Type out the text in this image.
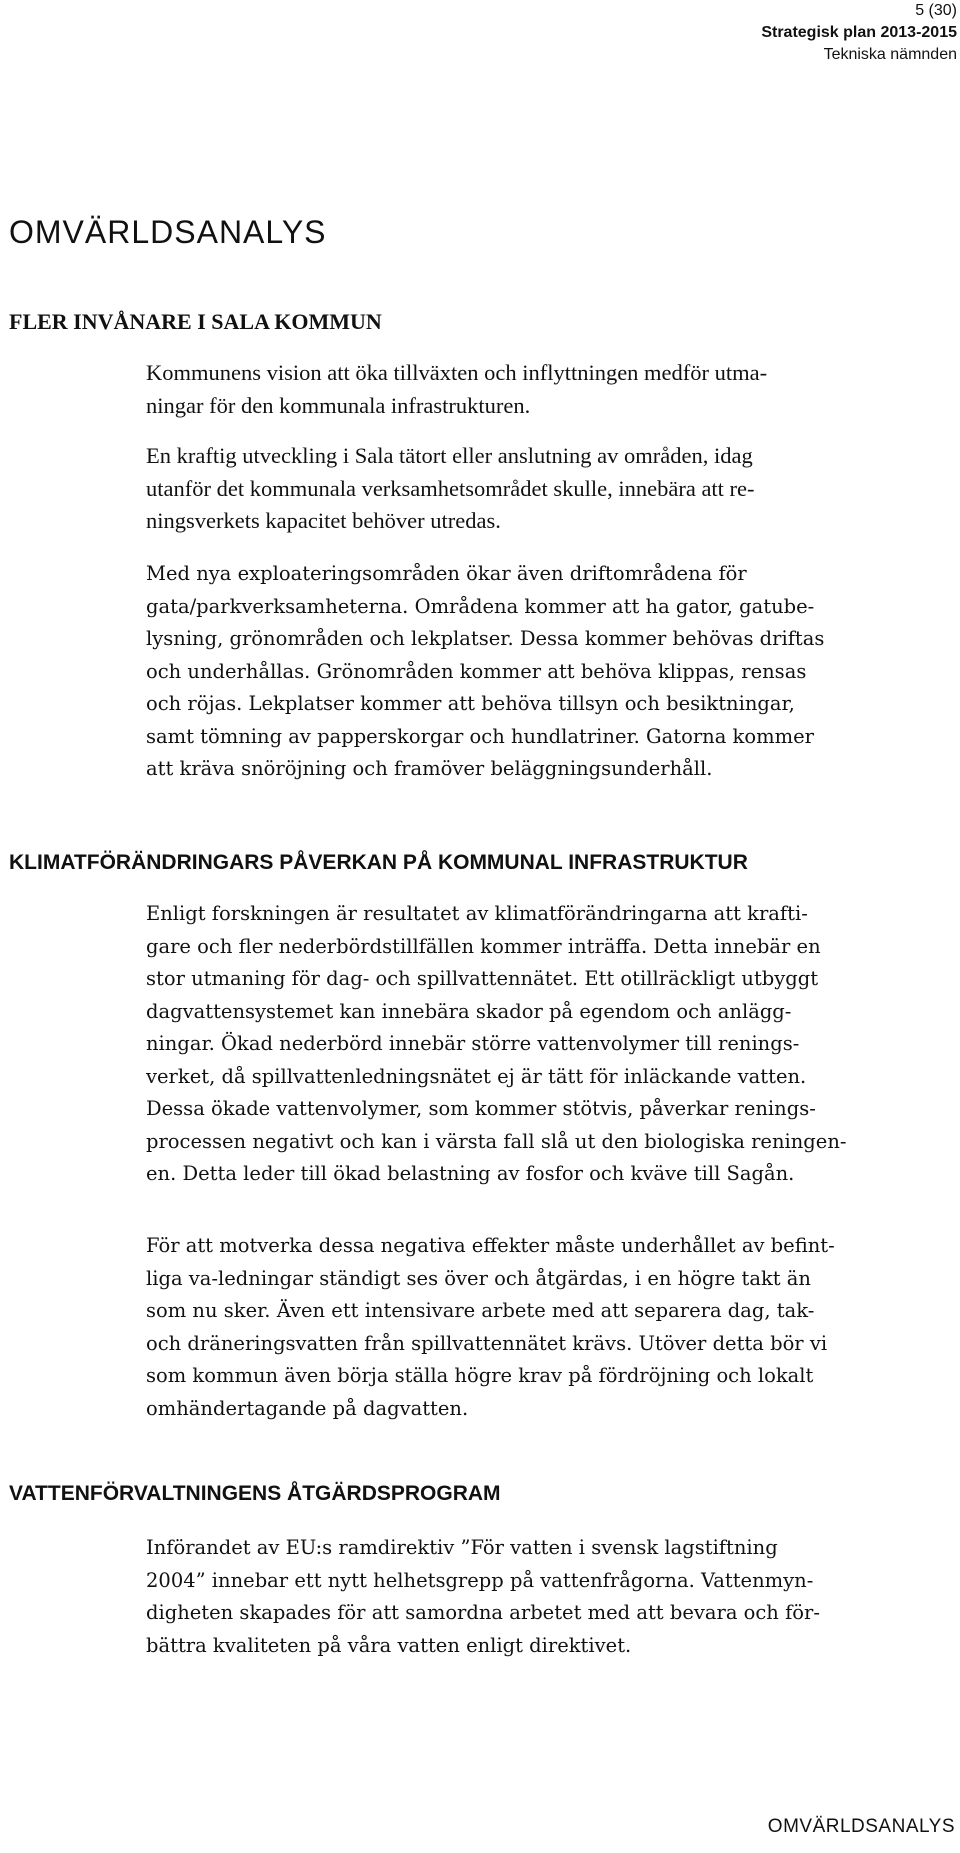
5 (30)
Strategisk plan 2013-2015
Tekniska nämnden
OMVÄRLDSANALYS
FLER INVÅNARE I SALA KOMMUN
Kommunens vision att öka tillväxten och inflyttningen medför utma-
ningar för den kommunala infrastrukturen.
En kraftig utveckling i Sala tätort eller anslutning av områden, idag
utanför det kommunala verksamhetsområdet skulle, innebära att re-
ningsverkets kapacitet behöver utredas.
Med nya exploateringsområden ökar även driftområdena för
gata/parkverksamheterna. Områdena kommer att ha gator, gatube-
lysning, grönområden och lekplatser. Dessa kommer behövas driftas
och underhållas. Grönområden kommer att behöva klippas, rensas
och röjas. Lekplatser kommer att behöva tillsyn och besiktningar,
samt tömning av papperskorgar och hundlatriner. Gatorna kommer
att kräva snöröjning och framöver beläggningsunderhåll.
KLIMATFÖRÄNDRINGARS PÅVERKAN PÅ KOMMUNAL INFRASTRUKTUR
Enligt forskningen är resultatet av klimatförändringarna att krafti-
gare och fler nederbördstillfällen kommer inträffa. Detta innebär en
stor utmaning för dag- och spillvattennätet. Ett otillräckligt utbyggt
dagvattensystemet kan innebära skador på egendom och anlägg-
ningar. Ökad nederbörd innebär större vattenvolymer till renings-
verket, då spillvattenledningsnätet ej är tätt för inläckande vatten.
Dessa ökade vattenvolymer, som kommer stötvis, påverkar renings-
processen negativt och kan i värsta fall slå ut den biologiska reningen-
en. Detta leder till ökad belastning av fosfor och kväve till Sagån.
För att motverka dessa negativa effekter måste underhållet av befint-
liga va-ledningar ständigt ses över och åtgärdas, i en högre takt än
som nu sker. Även ett intensivare arbete med att separera dag, tak-
och dräneringsvatten från spillvattennätet krävs. Utöver detta bör vi
som kommun även börja ställa högre krav på fördröjning och lokalt
omhändertagande på dagvatten.
VATTENFÖRVALTNINGENS ÅTGÄRDSPROGRAM
Införandet av EU:s ramdirektiv ”För vatten i svensk lagstiftning
2004” innebar ett nytt helhetsgrepp på vattenfrågorna. Vattenmyn-
digheten skapades för att samordna arbetet med att bevara och för-
bättra kvaliteten på våra vatten enligt direktivet.
OMVÄRLDSANALYS
